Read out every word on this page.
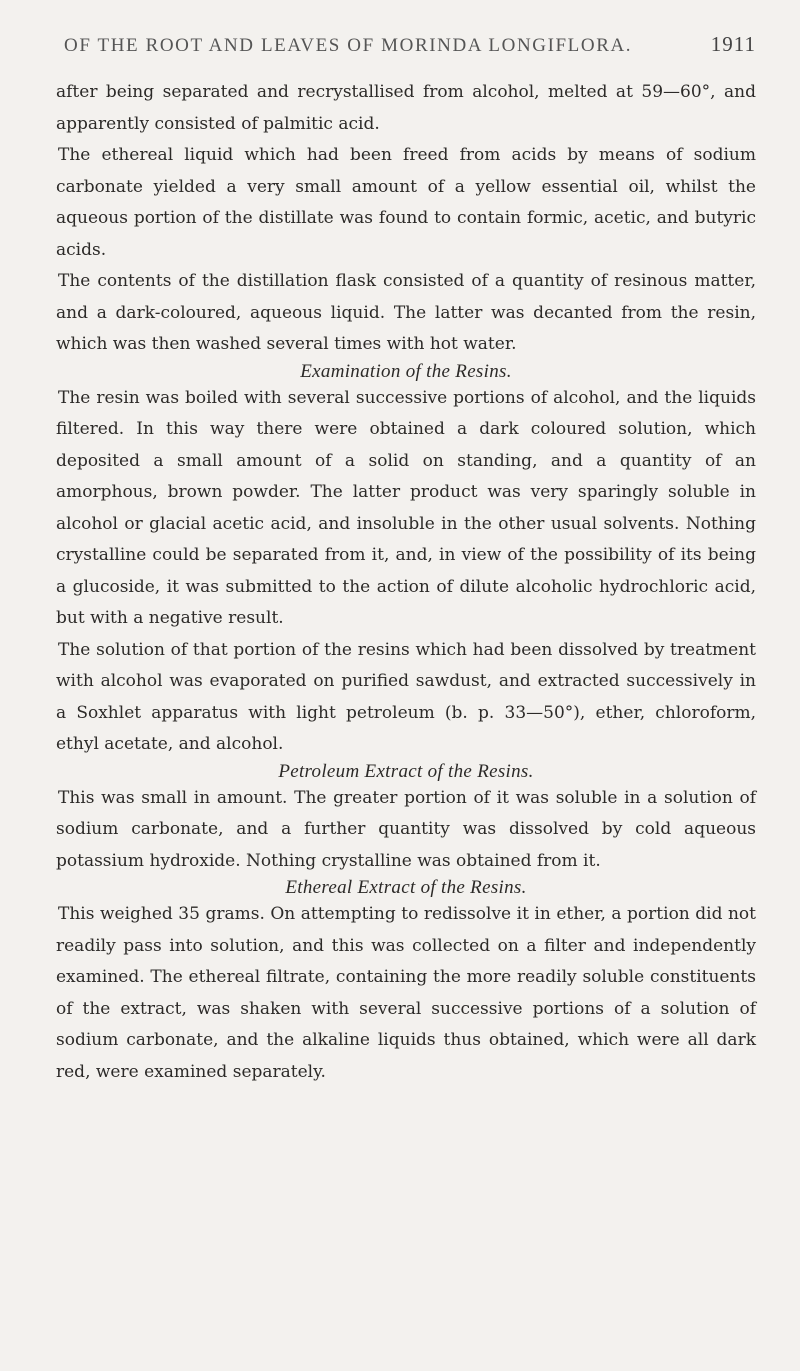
OF THE ROOT AND LEAVES OF MORINDA LONGIFLORA.	1911

after being separated and recrystallised from alcohol, melted at 59—60°, and apparently consisted of palmitic acid.

The ethereal liquid which had been freed from acids by means of sodium carbonate yielded a very small amount of a yellow essential oil, whilst the aqueous portion of the distillate was found to contain formic, acetic, and butyric acids.

The contents of the distillation flask consisted of a quantity of resinous matter, and a dark-coloured, aqueous liquid. The latter was decanted from the resin, which was then washed several times with hot water.

Examination of the Resins.

The resin was boiled with several successive portions of alcohol, and the liquids filtered. In this way there were obtained a dark coloured solution, which deposited a small amount of a solid on standing, and a quantity of an amorphous, brown powder. The latter product was very sparingly soluble in alcohol or glacial acetic acid, and insoluble in the other usual solvents. Nothing crystalline could be separated from it, and, in view of the possibility of its being a glucoside, it was submitted to the action of dilute alcoholic hydrochloric acid, but with a negative result.

The solution of that portion of the resins which had been dissolved by treatment with alcohol was evaporated on purified sawdust, and extracted successively in a Soxhlet apparatus with light petroleum (b. p. 33—50°), ether, chloroform, ethyl acetate, and alcohol.

Petroleum Extract of the Resins.

This was small in amount. The greater portion of it was soluble in a solution of sodium carbonate, and a further quantity was dissolved by cold aqueous potassium hydroxide. Nothing crystalline was obtained from it.

Ethereal Extract of the Resins.

This weighed 35 grams. On attempting to redissolve it in ether, a portion did not readily pass into solution, and this was collected on a filter and independently examined. The ethereal filtrate, containing the more readily soluble constituents of the extract, was shaken with several successive portions of a solution of sodium carbonate, and the alkaline liquids thus obtained, which were all dark red, were examined separately.
